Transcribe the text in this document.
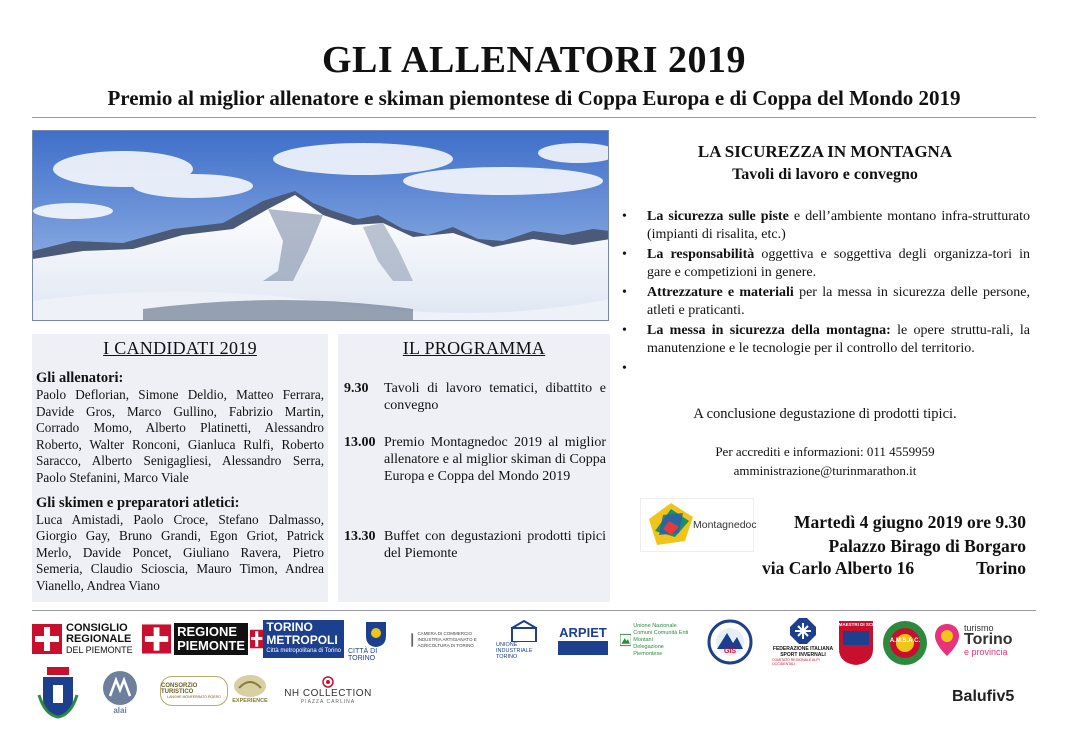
GLI ALLENATORI 2019
Premio al miglior allenatore e skiman piemontese di Coppa Europa e di Coppa del Mondo 2019
I CANDIDATI 2019
Gli allenatori:
Paolo Deflorian, Simone Deldio, Matteo Ferrara, Davide Gros, Marco Gullino, Fabrizio Martin, Corrado Momo, Alberto Platinetti, Alessandro Roberto, Walter Ronconi, Gianluca Rulfi, Roberto Saracco, Alberto Senigagliesi, Alessandro Serra, Paolo Stefanini, Marco Viale
Gli skimen e preparatori atletici:
Luca Amistadi, Paolo Croce, Stefano Dalmasso, Giorgio Gay, Bruno Grandi, Egon Griot, Patrick Merlo, Davide Poncet, Giuliano Ravera, Pietro Semeria, Claudio Scioscia, Mauro Timon, Andrea Vianello, Andrea Viano
IL PROGRAMMA
9.30 Tavoli di lavoro tematici, dibattito e convegno
13.00 Premio Montagnedoc 2019 al miglior allenatore e al miglior skiman di Coppa Europa e Coppa del Mondo 2019
13.30 Buffet con degustazioni prodotti tipici del Piemonte
LA SICUREZZA IN MONTAGNA
Tavoli di lavoro e convegno
• La sicurezza sulle piste e dell’ambiente montano infra-strutturato (impianti di risalita, etc.)
• La responsabilità oggettiva e soggettiva degli organizza-tori in gare e competizioni in genere.
• Attrezzature e materiali per la messa in sicurezza delle persone, atleti e praticanti.
• La messa in sicurezza della montagna: le opere struttu-rali, la manutenzione e le tecnologie per il controllo del territorio.
•

A conclusione degustazione di prodotti tipici.
Per accrediti e informazioni: 011 4559959
amministrazione@turinmarathon.it
Montagnedoc	Martedì 4 giugno 2019 ore 9.30
Palazzo Birago di Borgaro
via Carlo Alberto 16	Torino
CONSIGLIO
REGIONALE
DEL PIEMONTE
REGIONE
PIEMONTE
TORINO
METROPOLI
Città metropolitana di Torino CITTÀ DI TORINO
CAMERA DI COMMERCIO INDUSTRIA ARTIGIANATO E AGRICOLTURA DI TORINO	UNIONE INDUSTRIALE TORINO
ARPIET	Unione Nazionale Comuni Comunità Enti Montani
Delegazione Piemontese	GIS	FEDERAZIONE ITALIANA
SPORT INVERNALI
COMITATO REGIONALE ALPI OCCIDENTALI
MAESTRI DI SCI
A.M.S.A.C.
turismo
Torino
e provincia
alai
CONSORZIO TURISTICO
LANGHE MONFERRATO ROERO
EXPERIENCE
NH COLLECTION
PIAZZA CARLINA	Balufiv5
